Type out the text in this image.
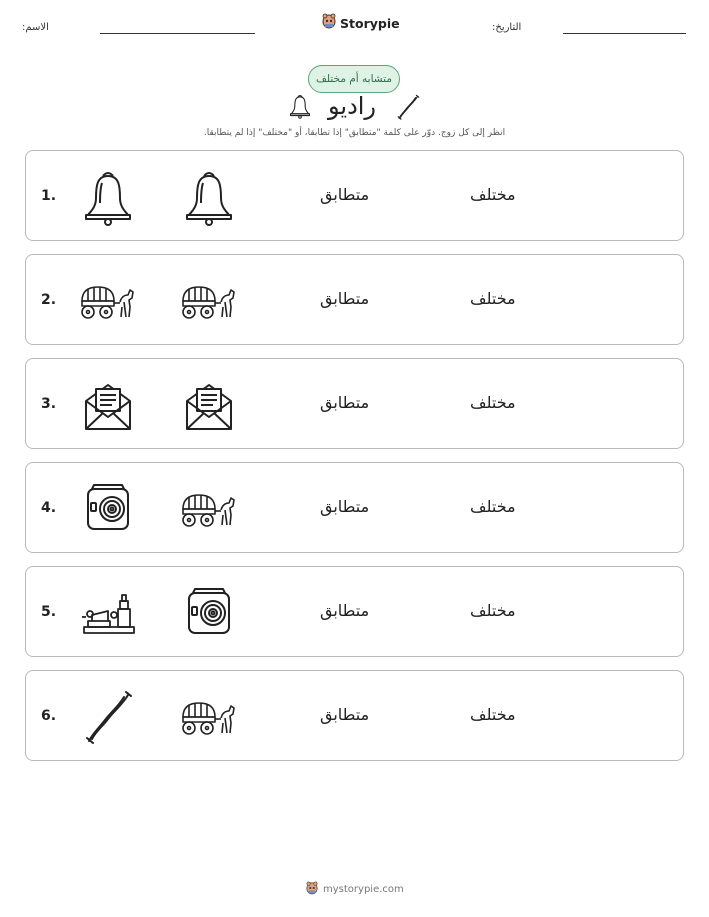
الاسم:	Storypie	التاريخ:
متشابه أم مختلف
راديو
انظر إلى كل زوج. دوّر على كلمة "متطابق" إذا تطابقا، أو "مختلف" إذا لم يتطابقا.
1.	متطابق	مختلف
2.	متطابق	مختلف
3.	متطابق	مختلف
4.	متطابق	مختلف
5.	متطابق	مختلف
6.	متطابق	مختلف
mystorypie.com
